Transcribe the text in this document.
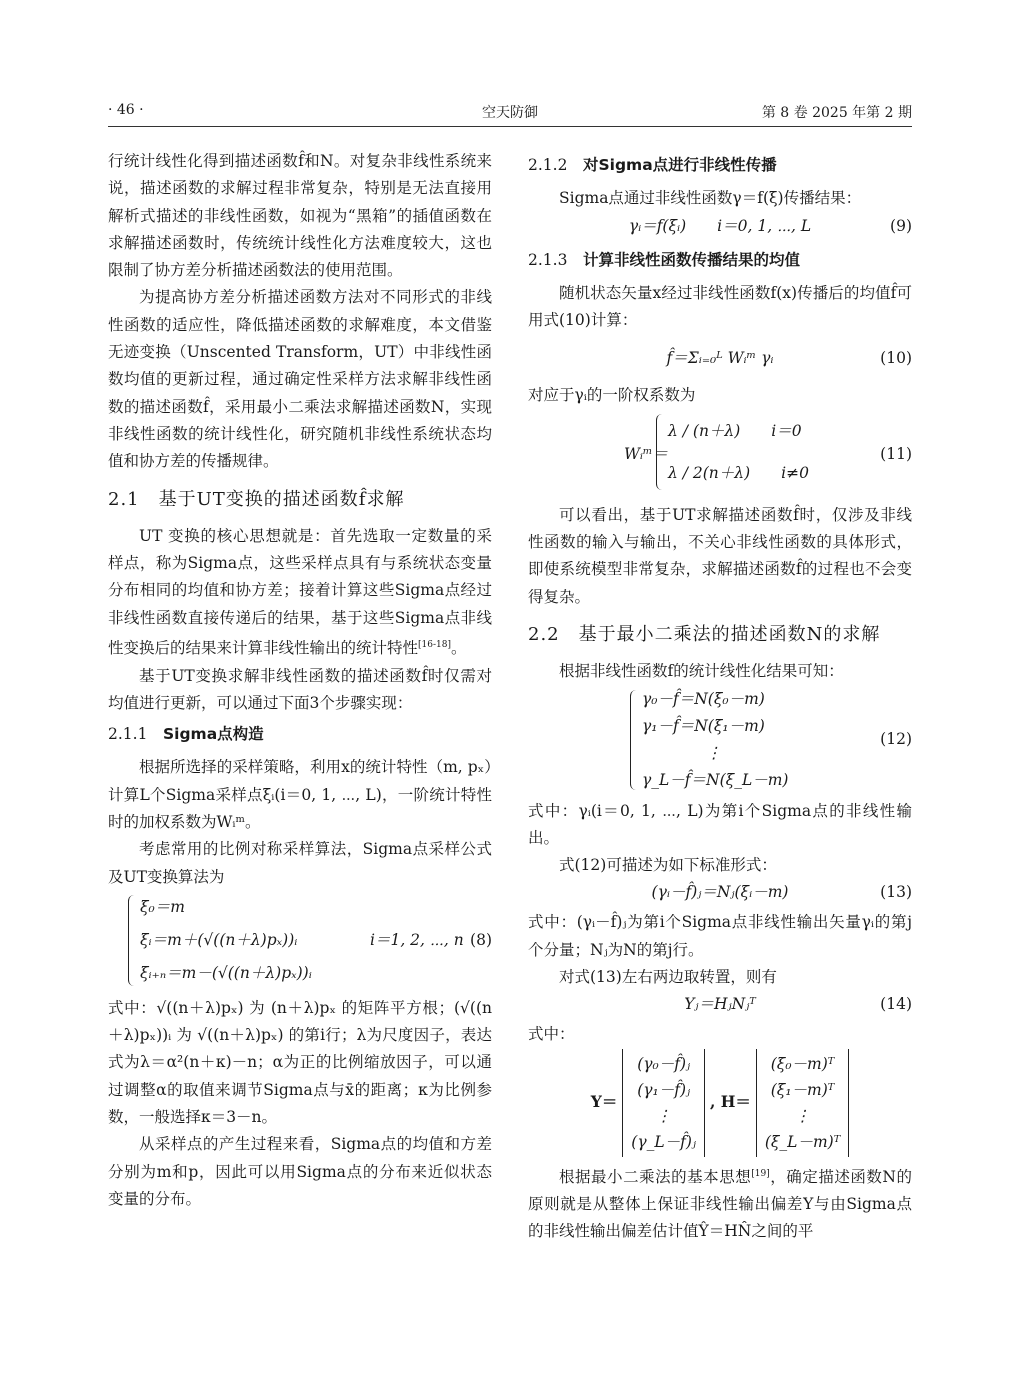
· 46 ·	空天防御	第 8 卷 2025 年第 2 期

行统计线性化得到描述函数f̂和N。对复杂非线性系统来说，描述函数的求解过程非常复杂，特别是无法直接用解析式描述的非线性函数，如视为“黑箱”的插值函数在求解描述函数时，传统统计线性化方法难度较大，这也限制了协方差分析描述函数法的使用范围。

为提高协方差分析描述函数方法对不同形式的非线性函数的适应性，降低描述函数的求解难度，本文借鉴无迹变换（Unscented Transform，UT）中非线性函数均值的更新过程，通过确定性采样方法求解非线性函数的描述函数f̂，采用最小二乘法求解描述函数N，实现非线性函数的统计线性化，研究随机非线性系统状态均值和协方差的传播规律。

2.1　基于UT变换的描述函数f̂求解

UT 变换的核心思想就是：首先选取一定数量的采样点，称为Sigma点，这些采样点具有与系统状态变量分布相同的均值和协方差；接着计算这些Sigma点经过非线性函数直接传递后的结果，基于这些Sigma点非线性变换后的结果来计算非线性输出的统计特性[16-18]。

基于UT变换求解非线性函数的描述函数f̂时仅需对均值进行更新，可以通过下面3个步骤实现：

2.1.1　 Sigma点构造

根据所选择的采样策略，利用x的统计特性（m, pₓ）计算L个Sigma采样点ξᵢ(i＝0, 1, ⋯, L)，一阶统计特性时的加权系数为Wᵢᵐ。

考虑常用的比例对称采样算法，Sigma点采样公式及UT变换算法为

ξ₀＝m
ξᵢ＝m＋(√((n＋λ)pₓ))ᵢ
ξᵢ₊ₙ＝m－(√((n＋λ)pₓ))ᵢ
i＝1, 2, ⋯, n (8)

式中：√((n＋λ)pₓ) 为 (n＋λ)pₓ 的矩阵平方根；(√((n＋λ)pₓ))ᵢ 为 √((n＋λ)pₓ) 的第i行；λ为尺度因子，表达式为λ＝α²(n＋κ)－n；α为正的比例缩放因子，可以通过调整α的取值来调节Sigma点与x̄的距离；κ为比例参数，一般选择κ＝3－n。

从采样点的产生过程来看，Sigma点的均值和方差分别为m和p，因此可以用Sigma点的分布来近似状态变量的分布。

2.1.2　 对Sigma点进行非线性传播

Sigma点通过非线性函数γ＝f(ξ)传播结果：

γᵢ＝f(ξᵢ)　　i＝0, 1, ⋯, L	(9)
2.1.3　 计算非线性函数传播结果的均值

随机状态矢量x经过非线性函数f(x)传播后的均值f̂可用式(10)计算：

f̂＝Σᵢ₌₀ᴸ Wᵢᵐ γᵢ	(10)

对应于γᵢ的一阶权系数为

Wᵢᵐ＝
λ / (n＋λ)　　i＝0
λ / 2(n＋λ)　　i≠0
(11)

可以看出，基于UT求解描述函数f̂时，仅涉及非线性函数的输入与输出，不关心非线性函数的具体形式，即使系统模型非常复杂，求解描述函数f̂的过程也不会变得复杂。

2.2　基于最小二乘法的描述函数N的求解

根据非线性函数f的统计线性化结果可知：

γ₀－f̂＝N(ξ₀－m)
γ₁－f̂＝N(ξ₁－m)
⋮
γ_L－f̂＝N(ξ_L－m)
(12)

式中：γᵢ(i＝0, 1, ⋯, L)为第i个Sigma点的非线性输出。

式(12)可描述为如下标准形式：

(γᵢ－f̂)ⱼ＝Nⱼ(ξᵢ－m)	(13)

式中：(γᵢ－f̂)ⱼ为第i个Sigma点非线性输出矢量γᵢ的第j个分量；Nⱼ为N的第j行。

对式(13)左右两边取转置，则有

Yⱼ＝HⱼNⱼᵀ	(14)

式中：

Y＝
(γ₀－f̂)ⱼ
(γ₁－f̂)ⱼ
⋮
(γ_L－f̂)ⱼ
, H＝
(ξ₀－m)ᵀ
(ξ₁－m)ᵀ
⋮
(ξ_L－m)ᵀ

根据最小二乘法的基本思想[19]，确定描述函数N的原则就是从整体上保证非线性输出偏差Y与由Sigma点的非线性输出偏差估计值Ŷ＝HN̂之间的平
